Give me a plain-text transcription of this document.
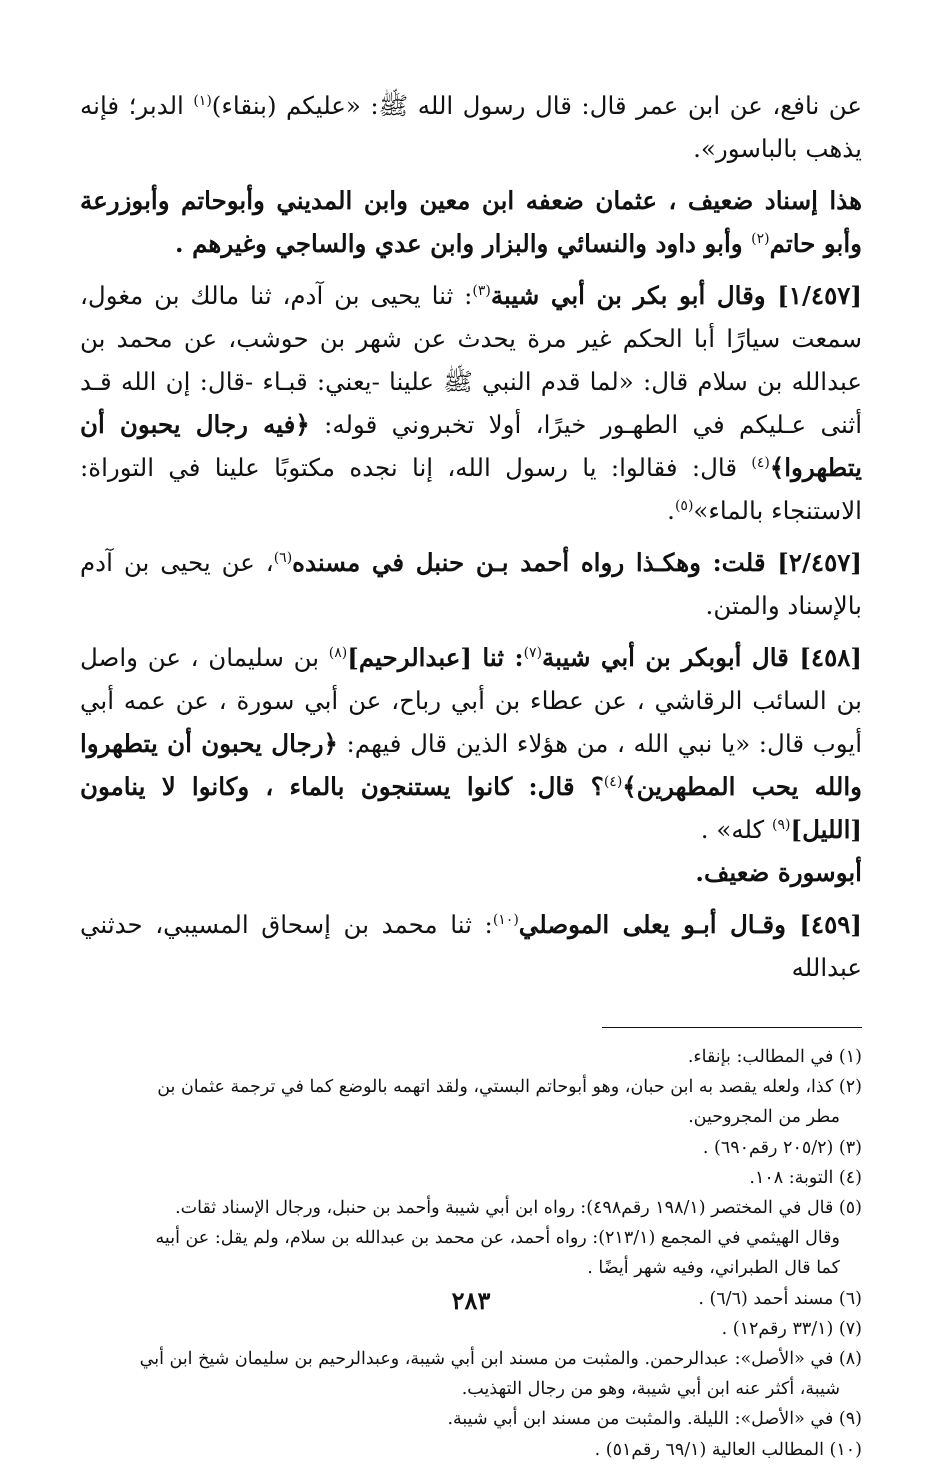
عن نافع، عن ابن عمر قال: قال رسول الله ﷺ: «عليكم (بنقاء)$^{(١)}$ الدبر؛ فإنه يذهب بالباسور».

هذا إسناد ضعيف ، عثمان ضعفه ابن معين وابن المديني وأبوحاتم وأبوزرعة وأبو حاتم$^{(٢)}$ وأبو داود والنسائي والبزار وابن عدي والساجي وغيرهم .

[١/٤٥٧] وقال أبو بكر بن أبي شيبة$^{(٣)}$: ثنا يحيى بن آدم، ثنا مالك بن مغول، سمعت سيارًا أبا الحكم غير مرة يحدث عن شهر بن حوشب، عن محمد بن عبدالله بن سلام قال: «لما قدم النبي ﷺ علينا -يعني: قبـاء -قال: إن الله قـد أثنى عـليكم في الطهـور خيرًا، أولا تخبروني قوله: ﴿فيه رجال يحبون أن يتطهروا﴾$^{(٤)}$ قال: فقالوا: يا رسول الله، إنا نجده مكتوبًا علينا في التوراة: الاستنجاء بالماء»$^{(٥)}$.

[٢/٤٥٧] قلت: وهكـذا رواه أحمد بـن حنبل في مسنده$^{(٦)}$، عن يحيى بن آدم بالإسناد والمتن.

[٤٥٨] قال أبوبكر بن أبي شيبة$^{(٧)}$: ثنا [عبدالرحيم]$^{(٨)}$ بن سليمان ، عن واصل بن السائب الرقاشي ، عن عطاء بن أبي رباح، عن أبي سورة ، عن عمه أبي أيوب قال: «يا نبي الله ، من هؤلاء الذين قال فيهم: ﴿رجال يحبون أن يتطهروا والله يحب المطهرين﴾$^{(٤)}$؟ قال: كانوا يستنجون بالماء ، وكانوا لا ينامون [الليل]$^{(٩)}$ كله» .

أبوسورة ضعيف.

[٤٥٩] وقـال أبـو يعلى الموصلي$^{(١٠)}$: ثنا محمد بن إسحاق المسيبي، حدثني عبدالله

(١) في المطالب: بإنقاء.

(٢) كذا، ولعله يقصد به ابن حبان، وهو أبوحاتم البستي، ولقد اتهمه بالوضع كما في ترجمة عثمان بن

مطر من المجروحين.

(٣) (٢٠٥/٢ رقم٦٩٠) .

(٤) التوبة: ١٠٨.

(٥) قال في المختصر (١٩٨/١ رقم٤٩٨): رواه ابن أبي شيبة وأحمد بن حنبل، ورجال الإسناد ثقات.

وقال الهيثمي في المجمع (٢١٣/١): رواه أحمد، عن محمد بن عبدالله بن سلام، ولم يقل: عن أبيه

كما قال الطبراني، وفيه شهر أيضًا .

(٦) مسند أحمد (٦/٦) .

(٧) (٣٣/١ رقم١٢) .

(٨) في «الأصل»: عبدالرحمن. والمثبت من مسند ابن أبي شيبة، وعبدالرحيم بن سليمان شيخ ابن أبي

شيبة، أكثر عنه ابن أبي شيبة، وهو من رجال التهذيب.

(٩) في «الأصل»: الليلة. والمثبت من مسند ابن أبي شيبة.

(١٠) المطالب العالية (٦٩/١ رقم٥١) .

٢٨٣
